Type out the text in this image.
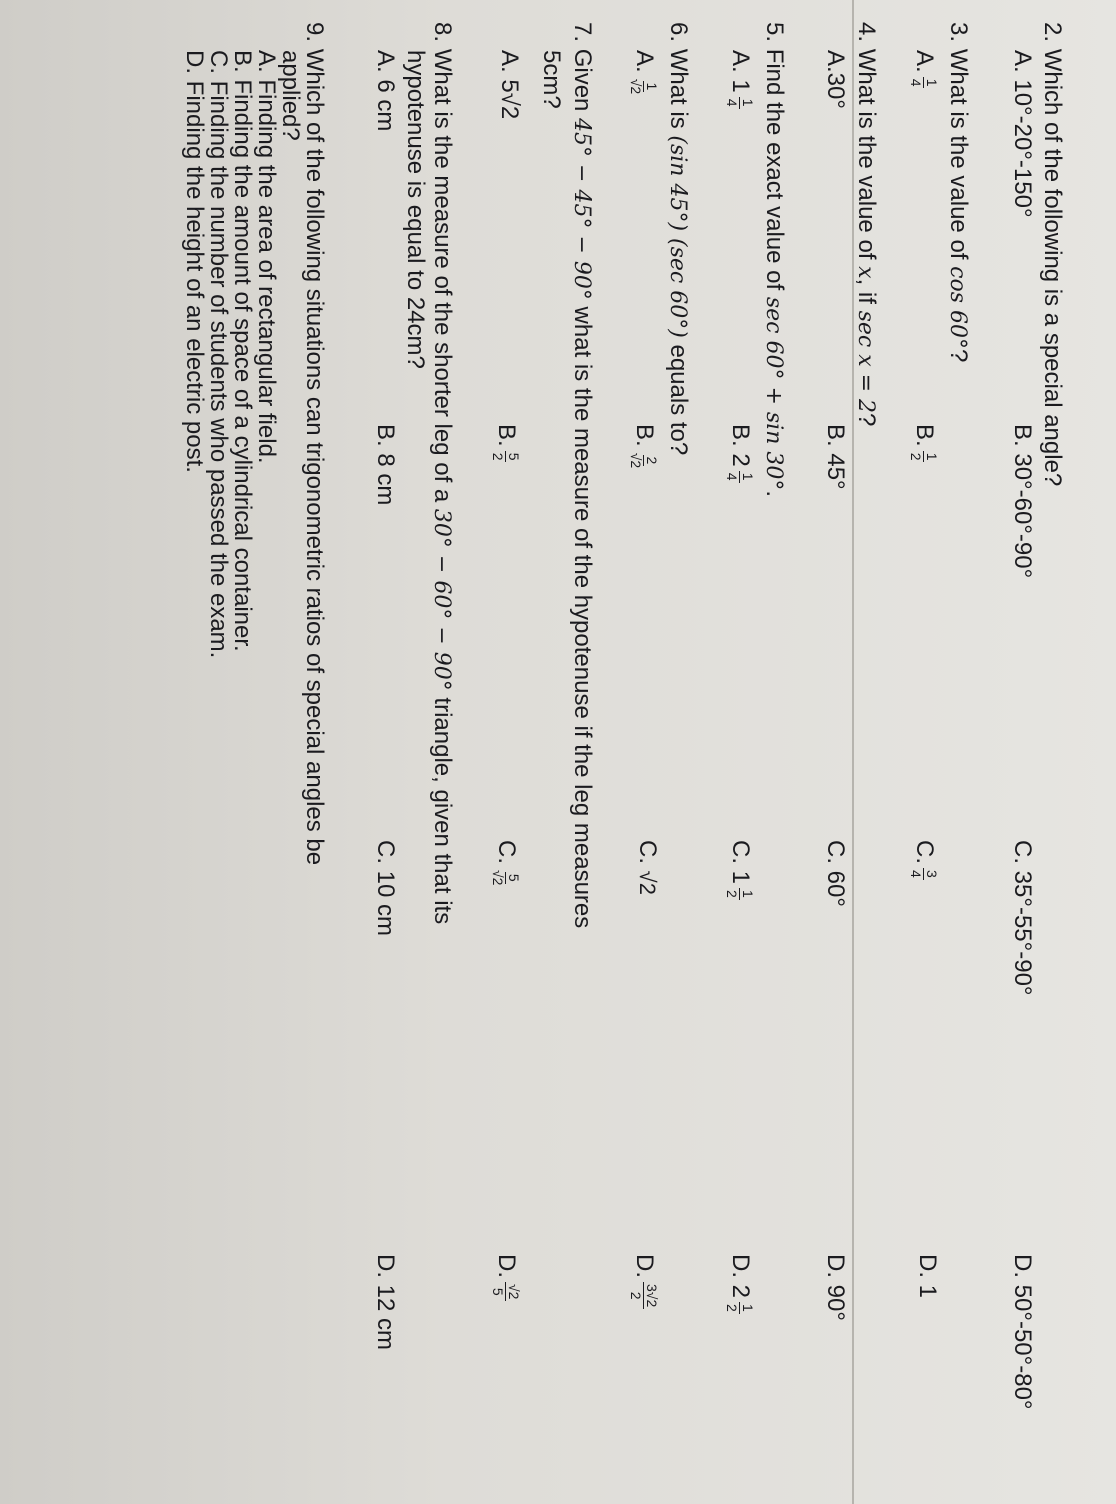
2. Which of the following is a special angle?
A. 10°-20°-150°
B. 30°-60°-90°
C. 35°-55°-90°
D. 50°-50°-80°
3. What is the value of cos 60°?
A.
1
4
B.
1
2
C.
3
4
D. 1
4. What is the value of x, if sec x = 2?
A.30°
B. 45°
C. 60°
D. 90°
5. Find the exact value of sec 60° + sin 30°.
A. 1
1
4
B. 2
1
4
C. 1
1
2
D. 2
1
2
6. What is (sin 45°) (sec 60°) equals to?
A.
1
√2
B.
2
√2
C. √2
D.
3√2
2
7. Given 45° − 45° − 90° what is the measure of the hypotenuse if the leg measures
5cm?
A. 5√2
B.
5
2
C.
5
√2
D.
√2
5
8. What is the measure of the shorter leg of a 30° − 60° − 90° triangle, given that its
hypotenuse is equal to 24cm?
A. 6 cm
B. 8 cm
C. 10 cm
D. 12 cm
9. Which of the following situations can trigonometric ratios of special angles be
applied?
A. Finding the area of rectangular field.
B. Finding the amount of space of a cylindrical container.
C. Finding the number of students who passed the exam.
D. Finding the height of an electric post.
